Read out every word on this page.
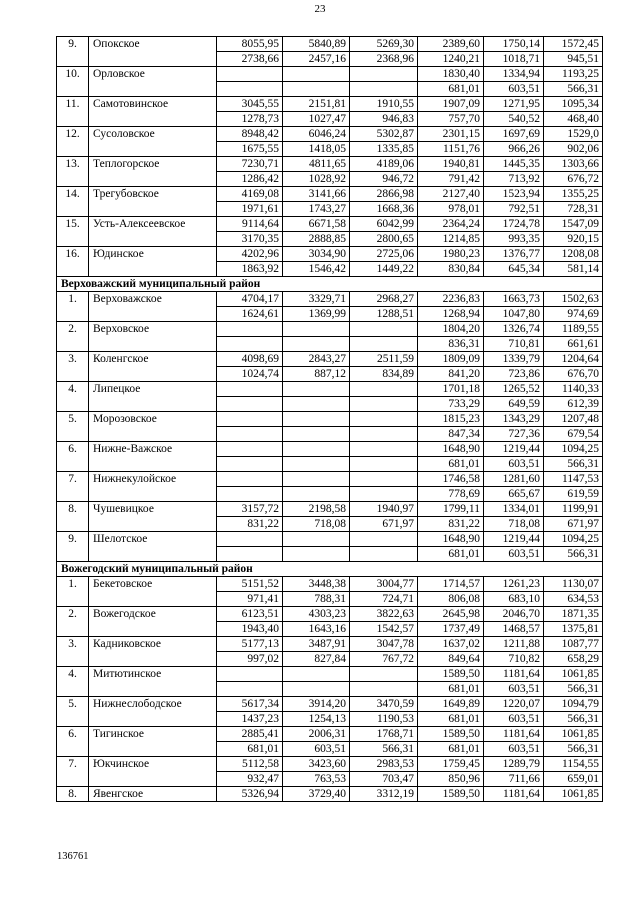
23
9.	Опокское	8055,95	5840,89	5269,30	2389,60	1750,14	1572,45
		2738,66	2457,16	2368,96	1240,21	1018,71	945,51
10.	Орловское				1830,40	1334,94	1193,25
					681,01	603,51	566,31
11.	Самотовинское	3045,55	2151,81	1910,55	1907,09	1271,95	1095,34
		1278,73	1027,47	946,83	757,70	540,52	468,40
12.	Сусоловское	8948,42	6046,24	5302,87	2301,15	1697,69	1529,0
		1675,55	1418,05	1335,85	1151,76	966,26	902,06
13.	Теплогорское	7230,71	4811,65	4189,06	1940,81	1445,35	1303,66
		1286,42	1028,92	946,72	791,42	713,92	676,72
14.	Трегубовское	4169,08	3141,66	2866,98	2127,40	1523,94	1355,25
		1971,61	1743,27	1668,36	978,01	792,51	728,31
15.	Усть-Алексеевское	9114,64	6671,58	6042,99	2364,24	1724,78	1547,09
		3170,35	2888,85	2800,65	1214,85	993,35	920,15
16.	Юдинское	4202,96	3034,90	2725,06	1980,23	1376,77	1208,08
		1863,92	1546,42	1449,22	830,84	645,34	581,14
Верховажский муниципальный район							
1.	Верховажское	4704,17	3329,71	2968,27	2236,83	1663,73	1502,63
		1624,61	1369,99	1288,51	1268,94	1047,80	974,69
2.	Верховское				1804,20	1326,74	1189,55
					836,31	710,81	661,61
3.	Коленгское	4098,69	2843,27	2511,59	1809,09	1339,79	1204,64
		1024,74	887,12	834,89	841,20	723,86	676,70
4.	Липецкое				1701,18	1265,52	1140,33
					733,29	649,59	612,39
5.	Морозовское				1815,23	1343,29	1207,48
					847,34	727,36	679,54
6.	Нижне-Важское				1648,90	1219,44	1094,25
					681,01	603,51	566,31
7.	Нижнекулойское				1746,58	1281,60	1147,53
					778,69	665,67	619,59
8.	Чушевицкое	3157,72	2198,58	1940,97	1799,11	1334,01	1199,91
		831,22	718,08	671,97	831,22	718,08	671,97
9.	Шелотское				1648,90	1219,44	1094,25
					681,01	603,51	566,31
Вожегодский муниципальный район							
1.	Бекетовское	5151,52	3448,38	3004,77	1714,57	1261,23	1130,07
		971,41	788,31	724,71	806,08	683,10	634,53
2.	Вожегодское	6123,51	4303,23	3822,63	2645,98	2046,70	1871,35
		1943,40	1643,16	1542,57	1737,49	1468,57	1375,81
3.	Кадниковское	5177,13	3487,91	3047,78	1637,02	1211,88	1087,77
		997,02	827,84	767,72	849,64	710,82	658,29
4.	Митютинское				1589,50	1181,64	1061,85
					681,01	603,51	566,31
5.	Нижнеслободское	5617,34	3914,20	3470,59	1649,89	1220,07	1094,79
		1437,23	1254,13	1190,53	681,01	603,51	566,31
6.	Тигинское	2885,41	2006,31	1768,71	1589,50	1181,64	1061,85
		681,01	603,51	566,31	681,01	603,51	566,31
7.	Юкчинское	5112,58	3423,60	2983,53	1759,45	1289,79	1154,55
		932,47	763,53	703,47	850,96	711,66	659,01
8.	Явенгское	5326,94	3729,40	3312,19	1589,50	1181,64	1061,85
136761
